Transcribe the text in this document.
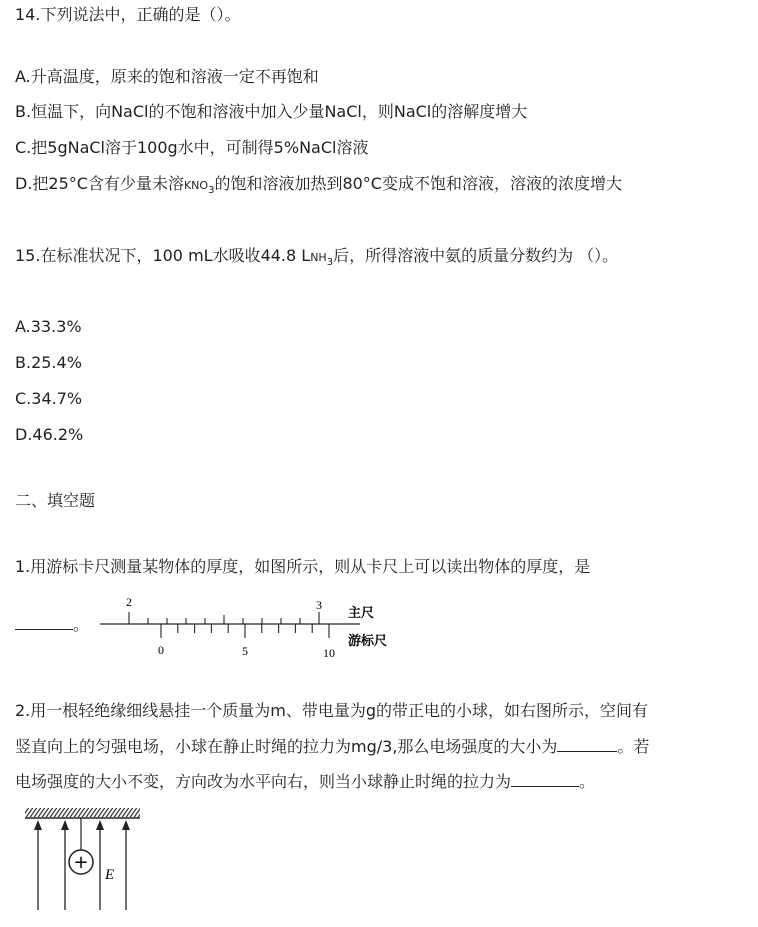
14.下列说法中，正确的是（）。
A.升高温度，原来的饱和溶液一定不再饱和
B.恒温下，向NaCl的不饱和溶液中加入少量NaCl，则NaCl的溶解度增大
C.把5gNaCl溶于100g水中，可制得5%NaCl溶液
D.把25°C含有少量未溶$KNO_3$的饱和溶液加热到80°C变成不饱和溶液，溶液的浓度增大
15.在标准状况下，100 mL水吸收44.8 $LNH_3$后，所得溶液中氨的质量分数约为 （）。
A.33.3%
B.25.4%
C.34.7%
D.46.2%
二、填空题
1.用游标卡尺测量某物体的厚度，如图所示，则从卡尺上可以读出物体的厚度，是
。
2	3
0	5	10
主尺
游标尺
2.用一根轻绝缘细线悬挂一个质量为m、带电量为g的带正电的小球，如右图所示，空间有
竖直向上的匀强电场，小球在静止时绳的拉力为mg/3,那么电场强度的大小为	。若
电场强度的大小不变，方向改为水平向右，则当小球静止时绳的拉力为	。
+
E
